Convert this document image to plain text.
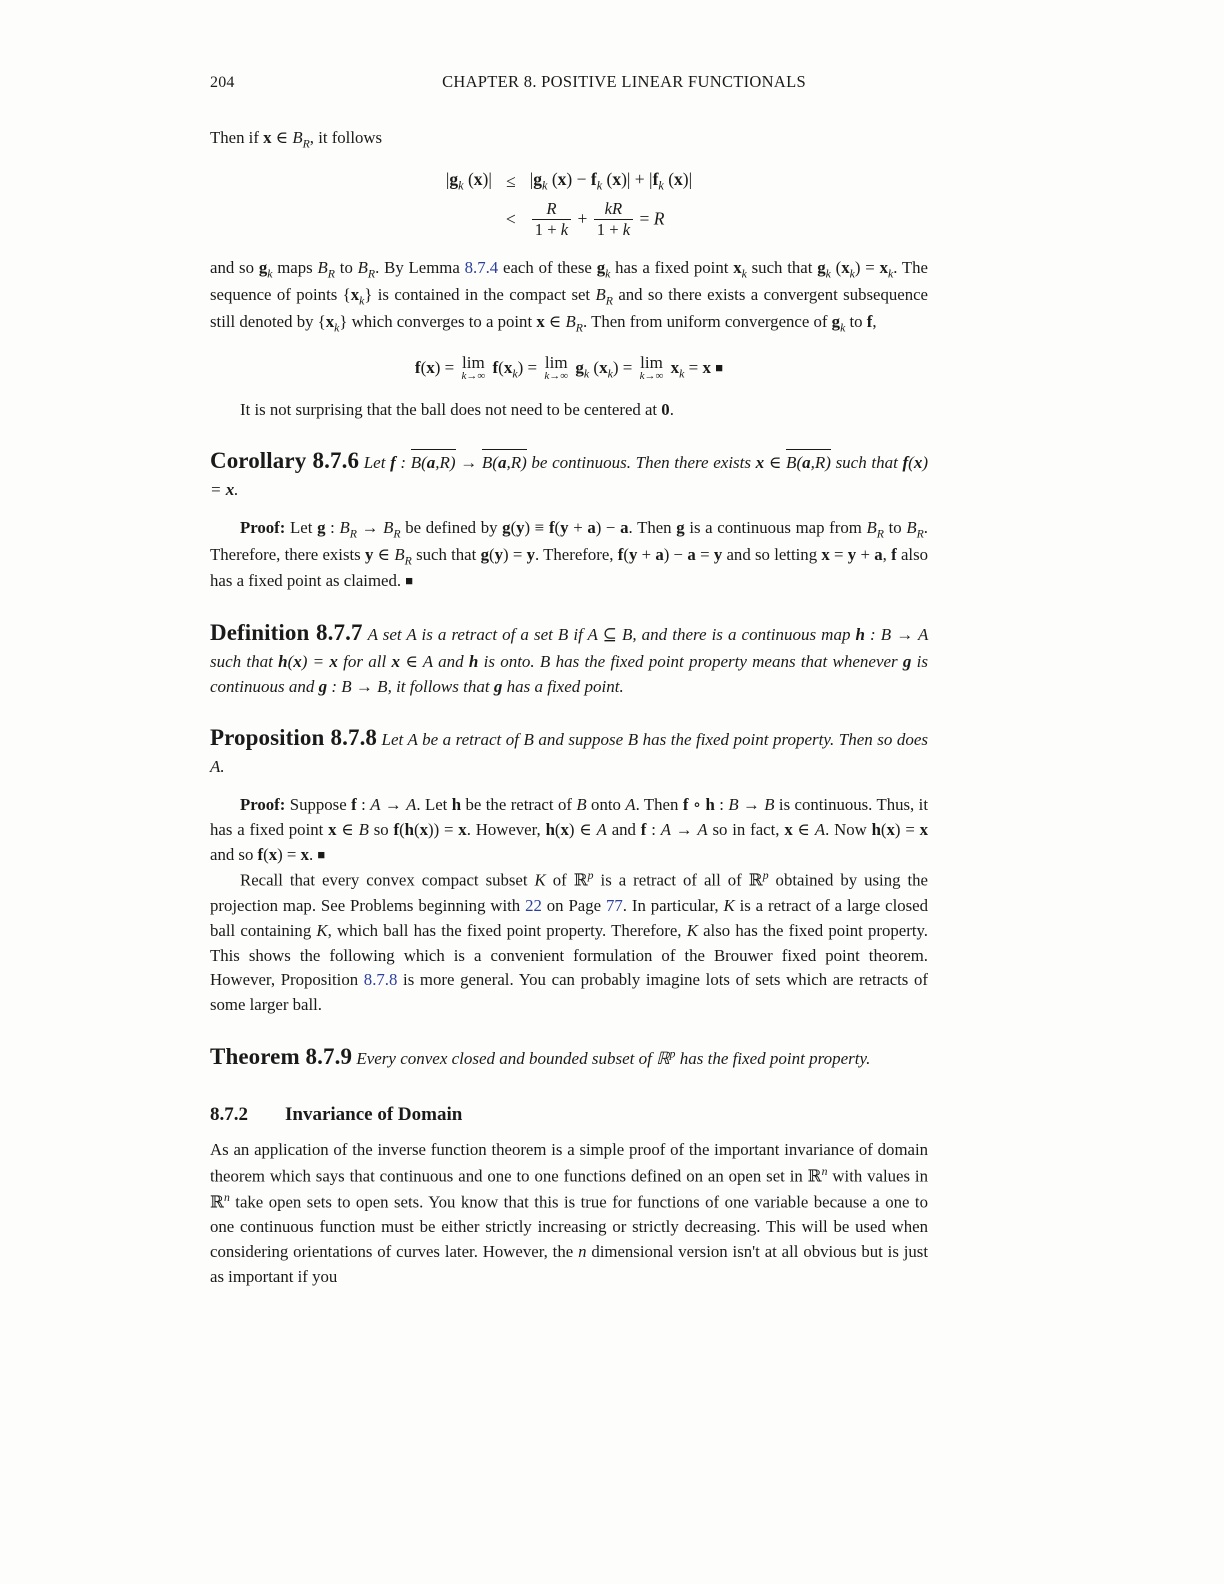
204	CHAPTER 8. POSITIVE LINEAR FUNCTIONALS

Then if x ∈ $B_R$, it follows

$|g_k$ $(x)| \le |g_k$ $(x) - f_k$ $(x)| + |f_k$ (x)|
< $\frac{R}{1 + k} + \frac{kR}{1 + k} = R$

and so $g_k$ maps $B_R$ to $B_R$. By Lemma 8.7.4 each of these $g_k$ has a fixed point $x_k$ such that $g_k$ $(x_k) = x_k$. The sequence of points $\{x_k\}$ is contained in the compact set $B_R$ and so there exists a convergent subsequence still denoted by $\{x_k\}$ which converges to a point x ∈ $B_R$. Then from uniform convergence of $g_k$ to f,

f(x) = lim
k→∞ $f(x_k) = \lim$
k→∞ $g_k$ $(x_k) = \lim$
k→∞ $x_k = x$ ■

It is not surprising that the ball does not need to be centered at 0.

Corollary 8.7.6 Let f : B(a,R) → B(a,R) be continuous. Then there exists x ∈ B(a,R) such that f(x) = x.

Proof: Let g : $B_R \to B_R$ be defined by g(y) ≡ f(y + a) − a. Then g is a continuous map from $B_R$ to $B_R$. Therefore, there exists y ∈ $B_R$ such that g(y) = y. Therefore, f(y + a) − a = y and so letting x = y + a, f also has a fixed point as claimed. ■

Definition 8.7.7 A set A is a retract of a set B if A ⊆ B, and there is a continuous map h : B → A such that h(x) = x for all x ∈ A and h is onto. B has the fixed point property means that whenever g is continuous and g : B → B, it follows that g has a fixed point.
Proposition 8.7.8 Let A be a retract of B and suppose B has the fixed point property. Then so does A.

Proof: Suppose f : A → A. Let h be the retract of B onto A. Then f ∘ h : B → B is continuous. Thus, it has a fixed point x ∈ B so f(h(x)) = x. However, h(x) ∈ A and f : A → A so in fact, x ∈ A. Now h(x) = x and so f(x) = x. ■

Recall that every convex compact subset K of ℝ$^p$ is a retract of all of ℝ$^p$ obtained by using the projection map. See Problems beginning with 22 on Page 77. In particular, K is a retract of a large closed ball containing K, which ball has the fixed point property. Therefore, K also has the fixed point property. This shows the following which is a convenient formulation of the Brouwer fixed point theorem. However, Proposition 8.7.8 is more general. You can probably imagine lots of sets which are retracts of some larger ball.

Theorem 8.7.9 Every convex closed and bounded subset of ℝ$^p$ has the fixed point property.
8.7.2 Invariance of Domain

As an application of the inverse function theorem is a simple proof of the important invariance of domain theorem which says that continuous and one to one functions defined on an open set in ℝ$^n$ with values in ℝ$^n$ take open sets to open sets. You know that this is true for functions of one variable because a one to one continuous function must be either strictly increasing or strictly decreasing. This will be used when considering orientations of curves later. However, the n dimensional version isn't at all obvious but is just as important if you
